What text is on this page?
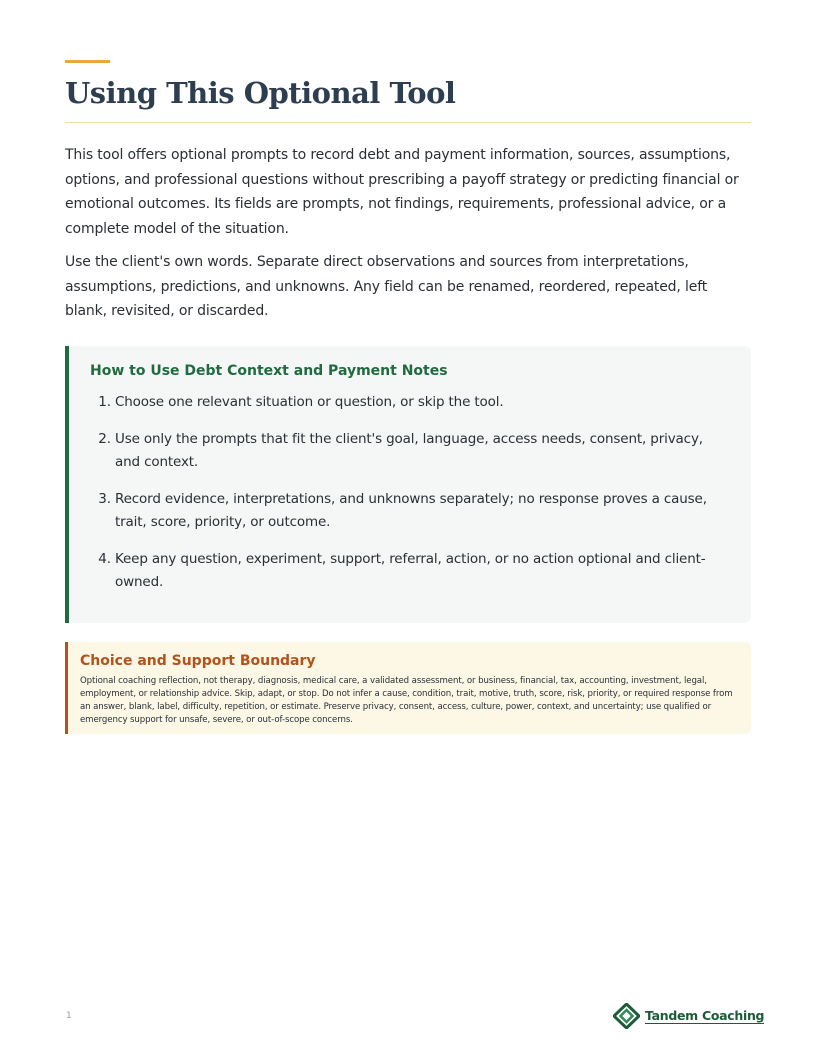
Using This Optional Tool

This tool offers optional prompts to record debt and payment information, sources, assumptions, options, and professional questions without prescribing a payoff strategy or predicting financial or emotional outcomes. Its fields are prompts, not findings, requirements, professional advice, or a complete model of the situation.

Use the client's own words. Separate direct observations and sources from interpretations, assumptions, predictions, and unknowns. Any field can be renamed, reordered, repeated, left blank, revisited, or discarded.

How to Use Debt Context and Payment Notes
1. Choose one relevant situation or question, or skip the tool.
2. Use only the prompts that fit the client's goal, language, access needs, consent, privacy, and context.
3. Record evidence, interpretations, and unknowns separately; no response proves a cause, trait, score, priority, or outcome.
4. Keep any question, experiment, support, referral, action, or no action optional and client-owned.
Choice and Support Boundary

Optional coaching reflection, not therapy, diagnosis, medical care, a validated assessment, or business, financial, tax, accounting, investment, legal, employment, or relationship advice. Skip, adapt, or stop. Do not infer a cause, condition, trait, motive, truth, score, risk, priority, or required response from an answer, blank, label, difficulty, repetition, or estimate. Preserve privacy, consent, access, culture, power, context, and uncertainty; use qualified or emergency support for unsafe, severe, or out-of-scope concerns.

1	Tandem Coaching
